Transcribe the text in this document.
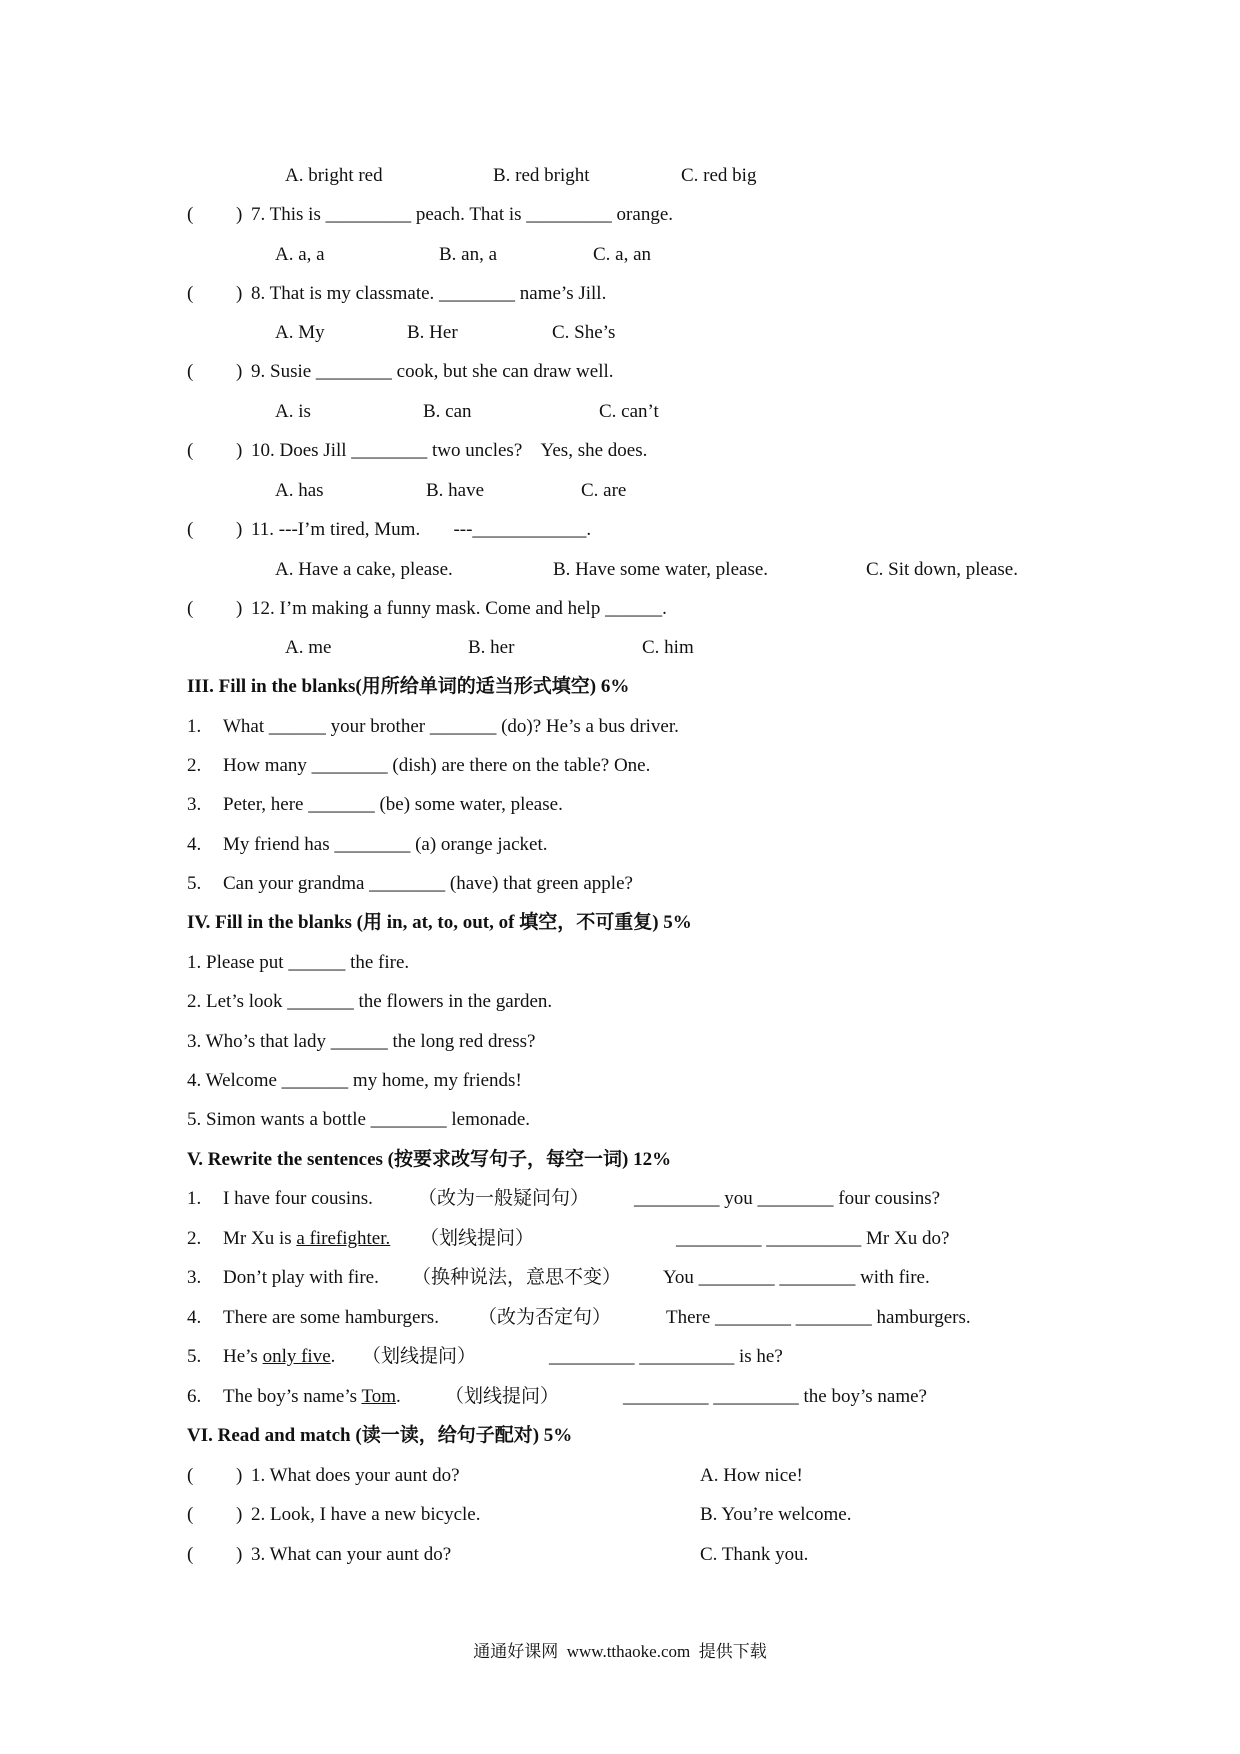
A. bright red	B. red bright	C. red big
( ) 7. This is _________ peach. That is _________ orange.
A. a, a	B. an, a	C. a, an
( ) 8. That is my classmate. ________ name’s Jill.
A. My	B. Her	C. She’s
( ) 9. Susie ________ cook, but she can draw well.
A. is	B. can	C. can’t
( ) 10. Does Jill ________ two uncles?    Yes, she does.
A. has	B. have	C. are
( ) 11. ---I’m tired, Mum.       ---____________.
A. Have a cake, please.	B. Have some water, please.	C. Sit down, please.
( ) 12. I’m making a funny mask. Come and help ______.
A. me	B. her	C. him
III. Fill in the blanks(用所给单词的适当形式填空) 6%
1. What ______ your brother _______ (do)? He’s a bus driver.
2. How many ________ (dish) are there on the table? One.
3. Peter, here _______ (be) some water, please.
4. My friend has ________ (a) orange jacket.
5. Can your grandma ________ (have) that green apple?
IV. Fill in the blanks (用 in, at, to, out, of 填空，不可重复) 5%
1. Please put ______ the fire.
2. Let’s look _______ the flowers in the garden.
3. Who’s that lady ______ the long red dress?
4. Welcome _______ my home, my friends!
5. Simon wants a bottle ________ lemonade.
V. Rewrite the sentences (按要求改写句子，每空一词) 12%
1. I have four cousins. （改为一般疑问句） _________ you ________ four cousins?
2. Mr Xu is a firefighter. （划线提问）	_________ __________ Mr Xu do?
3. Don’t play with fire. （换种说法，意思不变） You ________ ________ with fire.
4. There are some hamburgers. （改为否定句）	There ________ ________ hamburgers.
5. He’s only five. （划线提问）	_________ __________ is he?
6. The boy’s name’s Tom. （划线提问）	_________ _________ the boy’s name?
VI. Read and match (读一读，给句子配对) 5%
( ) 1. What does your aunt do?	A. How nice!
( ) 2. Look, I have a new bicycle.	B. You’re welcome.
( ) 3. What can your aunt do?	C. Thank you.
通通好课网  www.tthaoke.com  提供下载
